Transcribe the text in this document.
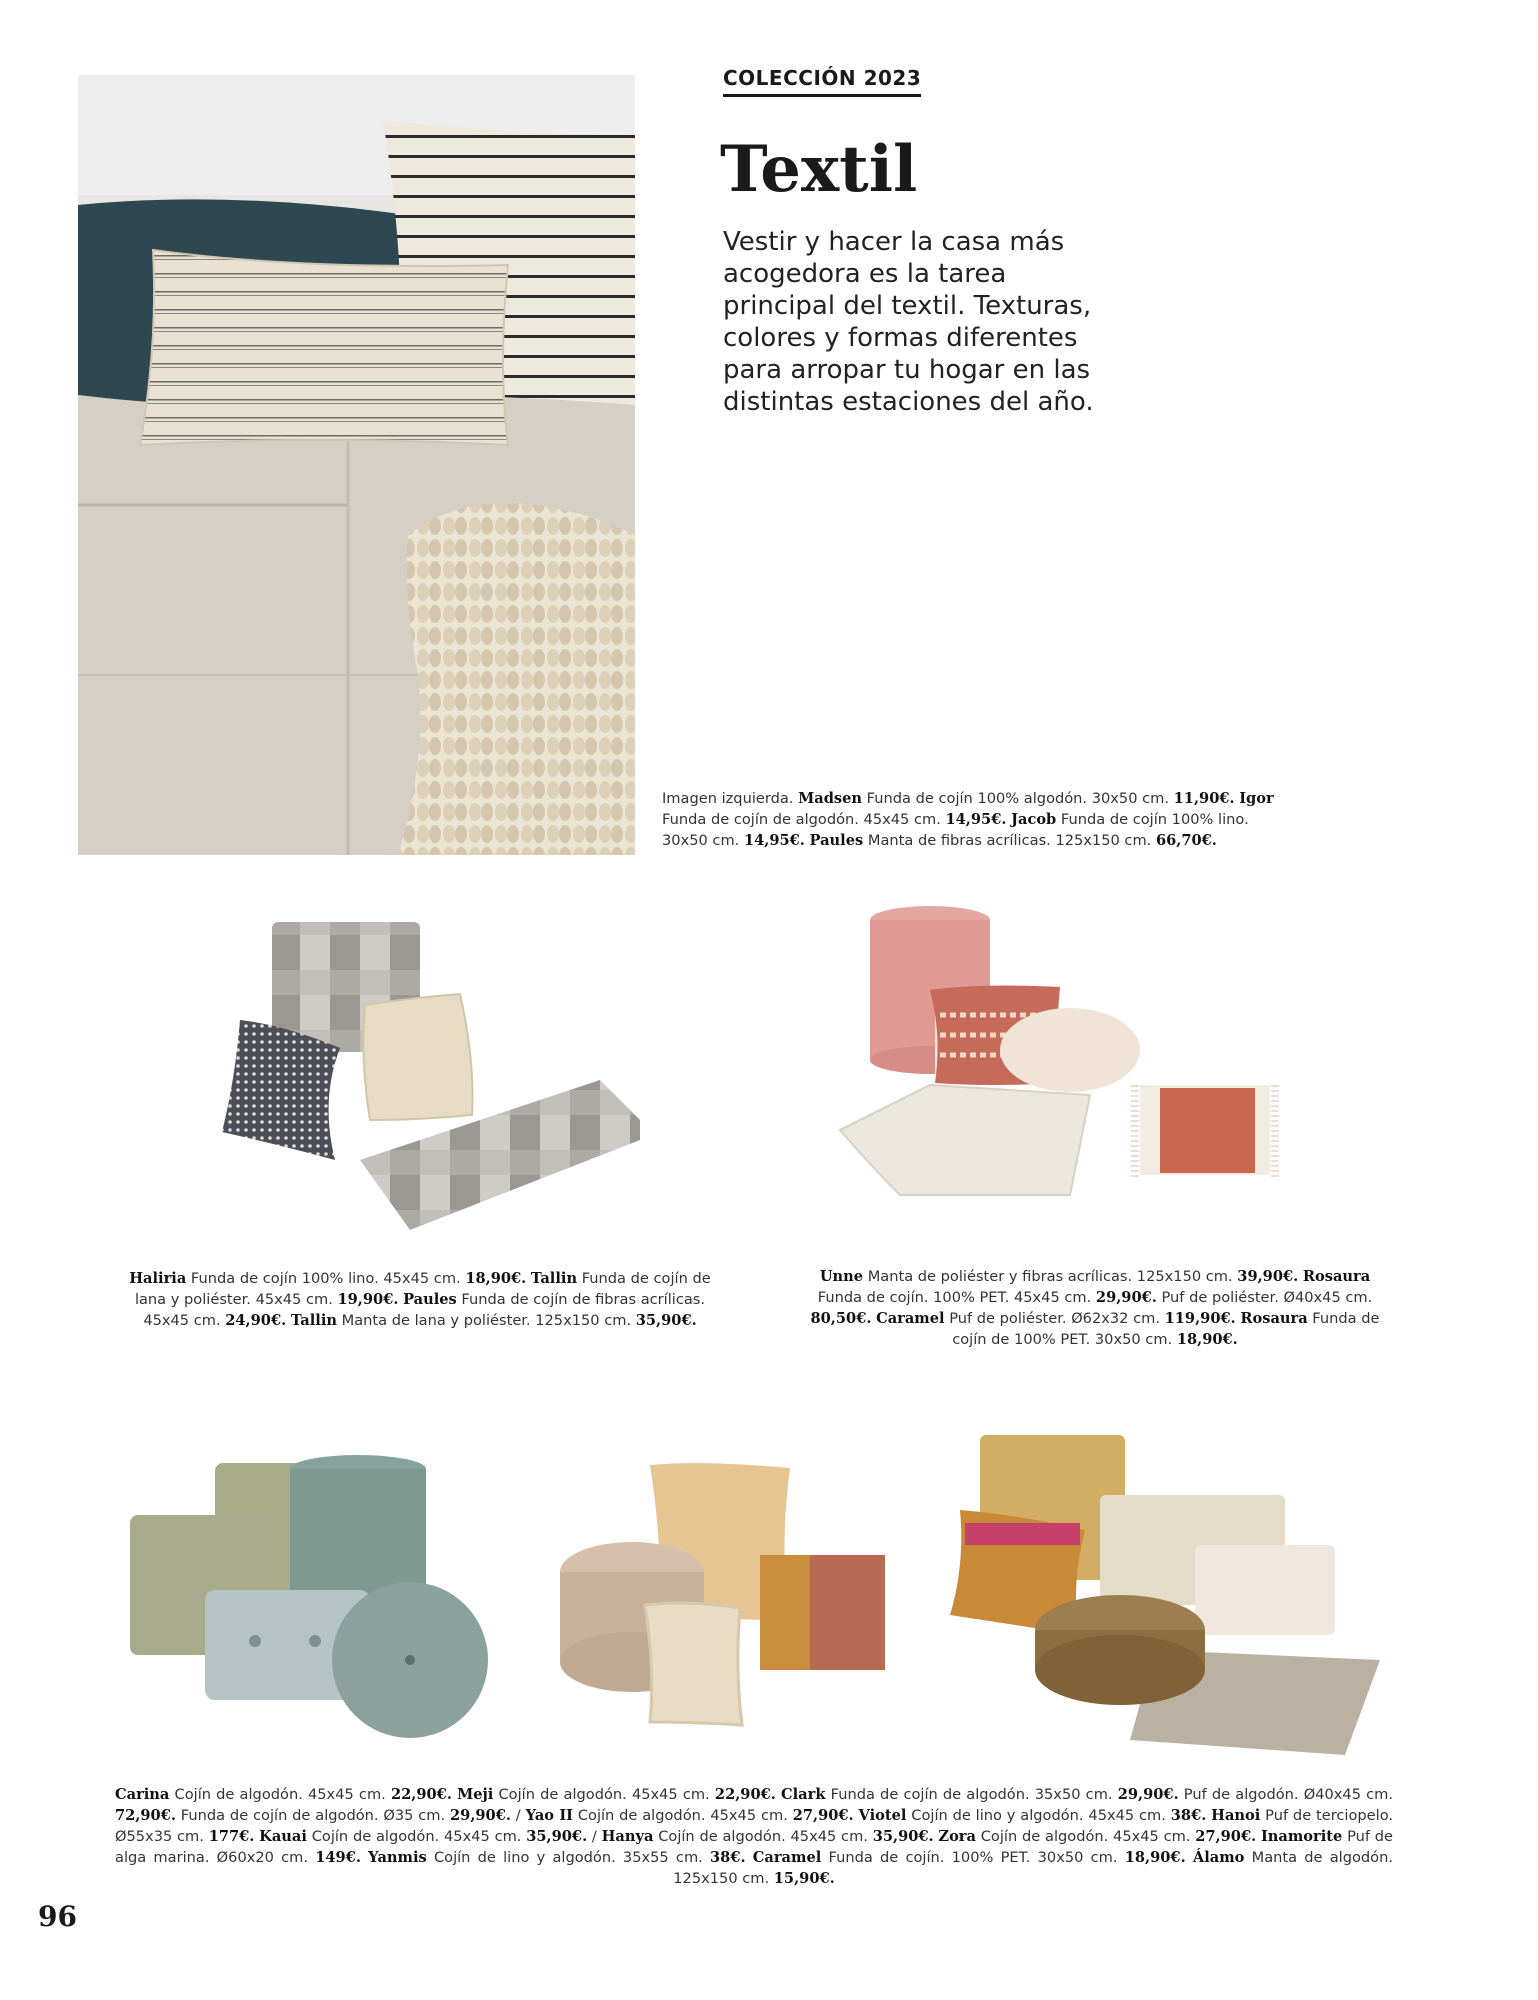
COLECCIÓN 2023
Textil
Vestir y hacer la casa más acogedora es la tarea principal del textil. Texturas, colores y formas diferentes para arropar tu hogar en las distintas estaciones del año.
Imagen izquierda. Madsen Funda de cojín 100% algodón. 30x50 cm. 11,90€. Igor Funda de cojín de algodón. 45x45 cm. 14,95€. Jacob Funda de cojín 100% lino. 30x50 cm. 14,95€. Paules Manta de fibras acrílicas. 125x150 cm. 66,70€.
Haliria Funda de cojín 100% lino. 45x45 cm. 18,90€. Tallin Funda de cojín de lana y poliéster. 45x45 cm. 19,90€. Paules Funda de cojín de fibras acrílicas. 45x45 cm. 24,90€. Tallin Manta de lana y poliéster. 125x150 cm. 35,90€.
Unne Manta de poliéster y fibras acrílicas. 125x150 cm. 39,90€. Rosaura Funda de cojín. 100% PET. 45x45 cm. 29,90€. Puf de poliéster. Ø40x45 cm. 80,50€. Caramel Puf de poliéster. Ø62x32 cm. 119,90€. Rosaura Funda de cojín de 100% PET. 30x50 cm. 18,90€.
Carina Cojín de algodón. 45x45 cm. 22,90€. Meji Cojín de algodón. 45x45 cm. 22,90€. Clark Funda de cojín de algodón. 35x50 cm. 29,90€. Puf de algodón. Ø40x45 cm. 72,90€. Funda de cojín de algodón. Ø35 cm. 29,90€. / Yao II Cojín de algodón. 45x45 cm. 27,90€. Viotel Cojín de lino y algodón. 45x45 cm. 38€. Hanoi Puf de terciopelo. Ø55x35 cm. 177€. Kauai Cojín de algodón. 45x45 cm. 35,90€. / Hanya Cojín de algodón. 45x45 cm. 35,90€. Zora Cojín de algodón. 45x45 cm. 27,90€. Inamorite Puf de alga marina. Ø60x20 cm. 149€. Yanmis Cojín de lino y algodón. 35x55 cm. 38€. Caramel Funda de cojín. 100% PET. 30x50 cm. 18,90€. Álamo Manta de algodón. 125x150 cm. 15,90€.
96
